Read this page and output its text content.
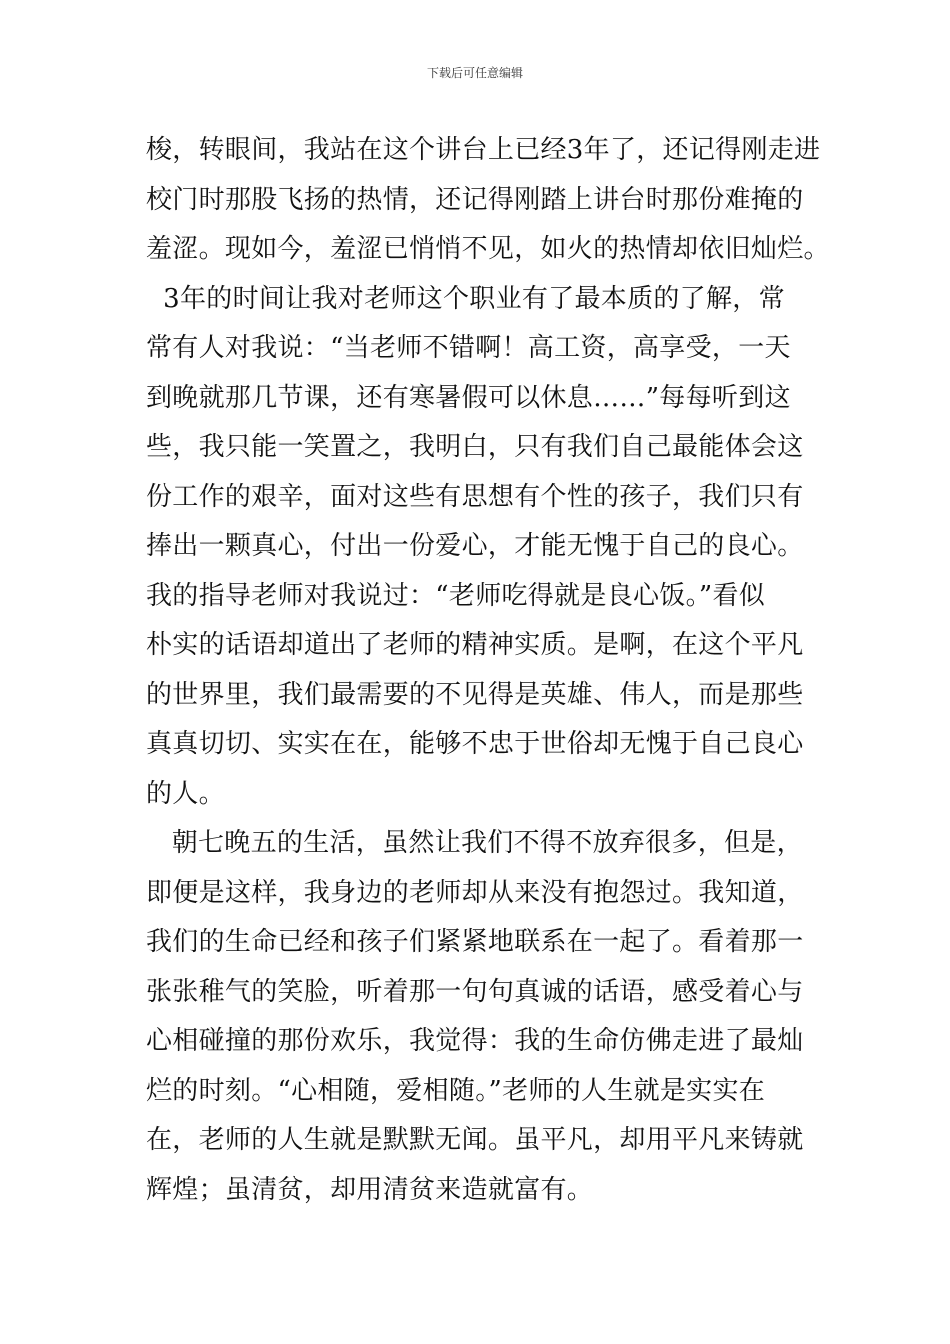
下载后可任意编辑
梭，转眼间，我站在这个讲台上已经3年了，还记得刚走进
校门时那股飞扬的热情，还记得刚踏上讲台时那份难掩的
羞涩。现如今，羞涩已悄悄不见，如火的热情却依旧灿烂。
3年的时间让我对老师这个职业有了最本质的了解，常
常有人对我说：“当老师不错啊！高工资，高享受，一天
到晚就那几节课，还有寒暑假可以休息……”每每听到这
些，我只能一笑置之，我明白，只有我们自己最能体会这
份工作的艰辛，面对这些有思想有个性的孩子，我们只有
捧出一颗真心，付出一份爱心，才能无愧于自己的良心。
我的指导老师对我说过：“老师吃得就是良心饭。”看似
朴实的话语却道出了老师的精神实质。是啊，在这个平凡
的世界里，我们最需要的不见得是英雄、伟人，而是那些
真真切切、实实在在，能够不忠于世俗却无愧于自己良心
的人。
朝七晚五的生活，虽然让我们不得不放弃很多，但是，
即便是这样，我身边的老师却从来没有抱怨过。我知道，
我们的生命已经和孩子们紧紧地联系在一起了。看着那一
张张稚气的笑脸，听着那一句句真诚的话语，感受着心与
心相碰撞的那份欢乐，我觉得：我的生命仿佛走进了最灿
烂的时刻。“心相随，爱相随。”老师的人生就是实实在
在，老师的人生就是默默无闻。虽平凡，却用平凡来铸就
辉煌；虽清贫，却用清贫来造就富有。
